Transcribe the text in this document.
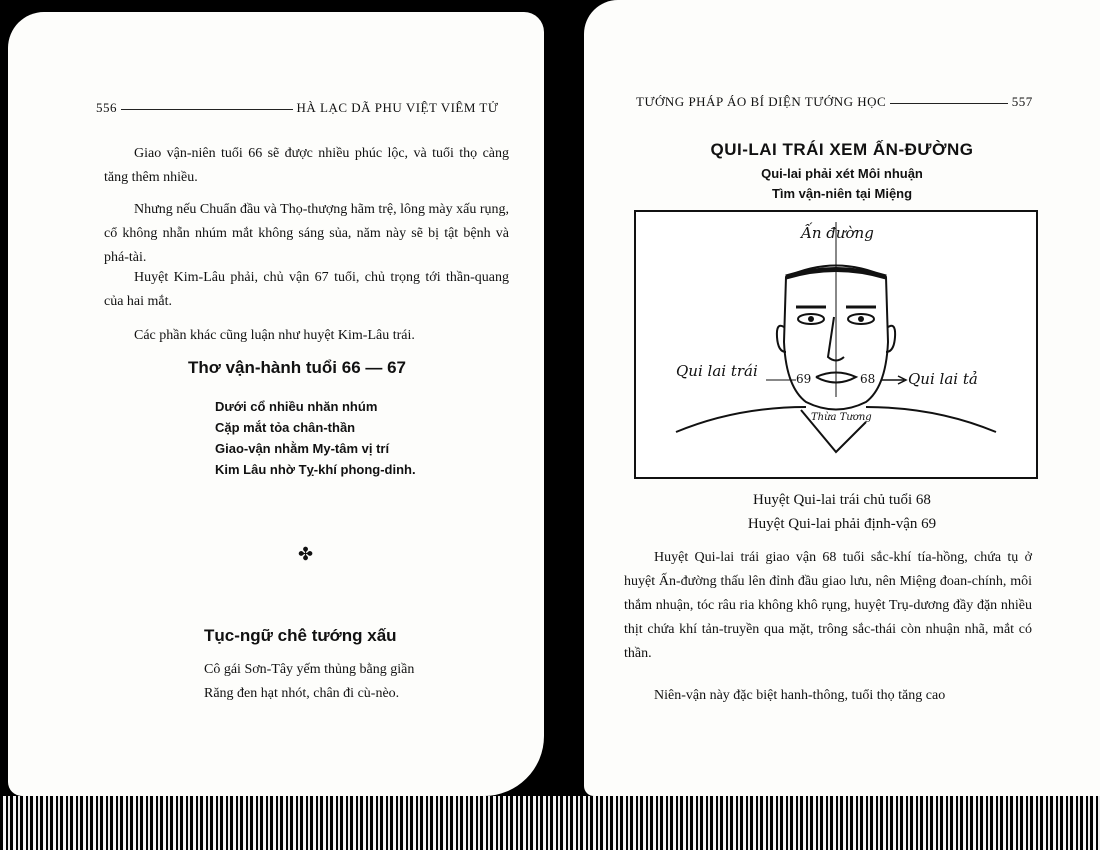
556	HÀ LẠC DÃ PHU VIỆT VIÊM TỬ
Giao vận-niên tuổi 66 sẽ được nhiều phúc lộc, và tuổi thọ càng tăng thêm nhiều.
Nhưng nếu Chuẩn đầu và Thọ-thượng hãm trệ, lông mày xấu rụng, cổ không nhẵn nhúm mắt không sáng sủa, năm này sẽ bị tật bệnh và phá-tài.
Huyệt Kim-Lâu phải, chủ vận 67 tuổi, chủ trọng tới thần-quang của hai mắt.
Các phần khác cũng luận như huyệt Kim-Lâu trái.
Thơ vận-hành tuổi 66 — 67
Dưới cổ nhiều nhăn nhúm
Cặp mắt tỏa chân-thần
Giao-vận nhằm My-tâm vị trí
Kim Lâu nhờ Tỵ-khí phong-dinh.
✤
Tục-ngữ chê tướng xấu
Cô gái Sơn-Tây yếm thủng bằng giần
Răng đen hạt nhót, chân đi cù-nèo.
TƯỚNG PHÁP ÁO BÍ DIỆN TƯỚNG HỌC	557
QUI-LAI TRÁI XEM ẤN-ĐƯỜNG
Qui-lai phải xét Môi nhuận
Tìm vận-niên tại Miệng
Ấn đường
Qui lai trái	Qui lai tả
69	68
Thừa Tương
Huyệt Qui-lai trái chủ tuổi 68
Huyệt Qui-lai phải định-vận 69
Huyệt Qui-lai trái giao vận 68 tuổi sắc-khí tía-hồng, chứa tụ ở huyệt Ấn-đường thấu lên đỉnh đầu giao lưu, nên Miệng đoan-chính, môi thắm nhuận, tóc râu ria không khô rụng, huyệt Trụ-dương đầy đặn nhiều thịt chứa khí tản-truyền qua mặt, trông sắc-thái còn nhuận nhã, mắt có thần.
Niên-vận này đặc biệt hanh-thông, tuổi thọ tăng cao
